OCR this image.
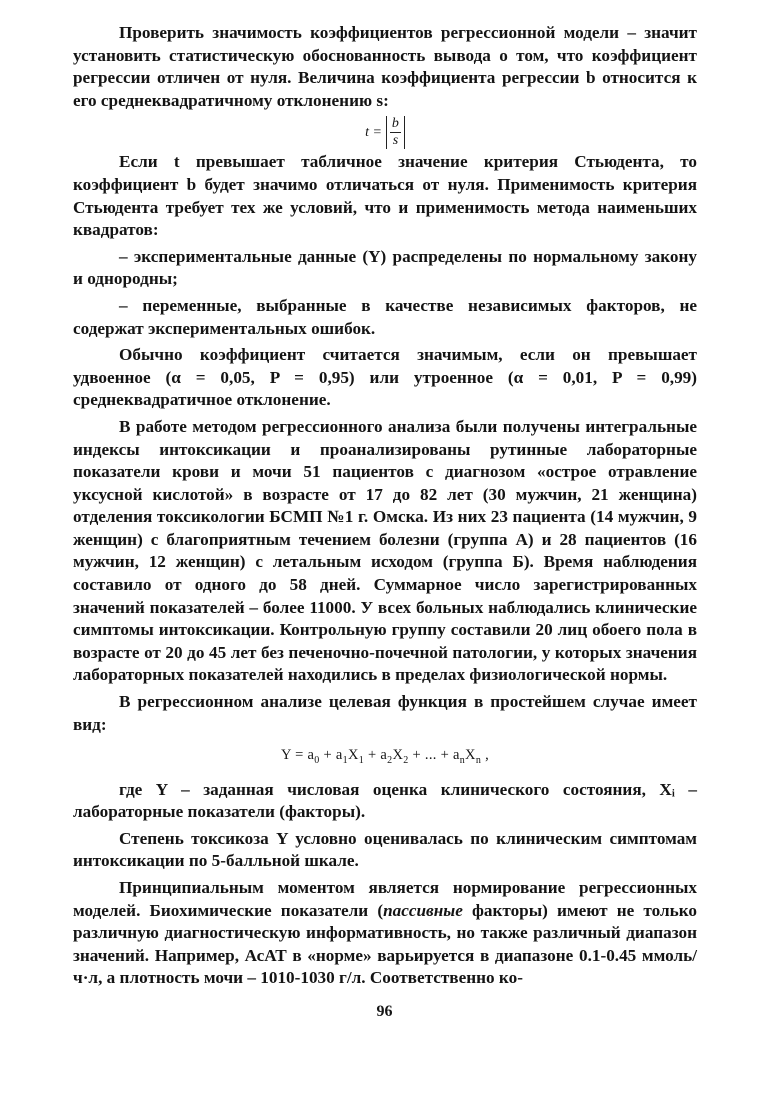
Проверить значимость коэффициентов регрессионной модели – значит установить статистическую обоснованность вывода о том, что коэффициент регрессии отличен от нуля. Величина коэффициента регрессии b относится к его среднеквадратичному отклонению s:

$t = \frac{b}{s}$

Если t превышает табличное значение критерия Стьюдента, то коэффициент b будет значимо отличаться от нуля. Применимость критерия Стьюдента требует тех же условий, что и применимость метода наименьших квадратов:

– экспериментальные данные (Y) распределены по нормальному закону и однородны;

– переменные, выбранные в качестве независимых факторов, не содержат экспериментальных ошибок.

Обычно коэффициент считается значимым, если он превышает удвоенное (α = 0,05, P = 0,95) или утроенное (α = 0,01, P = 0,99) среднеквадратичное отклонение.

В работе методом регрессионного анализа были получены интегральные индексы интоксикации и проанализированы рутинные лабораторные показатели крови и мочи 51 пациентов с диагнозом «острое отравление уксусной кислотой» в возрасте от 17 до 82 лет (30 мужчин, 21 женщина) отделения токсикологии БСМП №1 г. Омска. Из них 23 пациента (14 мужчин, 9 женщин) с благоприятным течением болезни (группа А) и 28 пациентов (16 мужчин, 12 женщин) с летальным исходом (группа Б). Время наблюдения составило от одного до 58 дней. Суммарное число зарегистрированных значений показателей – более 11000. У всех больных наблюдались клинические симптомы интоксикации. Контрольную группу составили 20 лиц обоего пола в возрасте от 20 до 45 лет без печеночно-почечной патологии, у которых значения лабораторных показателей находились в пределах физиологической нормы.

В регрессионном анализе целевая функция в простейшем случае имеет вид:

$Y = a_0 + a_1X_1 + a_2X_2$ + ... + $a_nX_n$ ,

где Y – заданная числовая оценка клинического состояния, Xᵢ – лабораторные показатели (факторы).

Степень токсикоза Y условно оценивалась по клиническим симптомам интоксикации по 5-балльной шкале.

Принципиальным моментом является нормирование регрессионных моделей. Биохимические показатели (пассивные факторы) имеют не только различную диагностическую информативность, но также различный диапазон значений. Например, АсАТ в «норме» варьируется в диапазоне 0.1-0.45 ммоль/ч·л, а плотность мочи – 1010-1030 г/л. Соответственно ко-

96
